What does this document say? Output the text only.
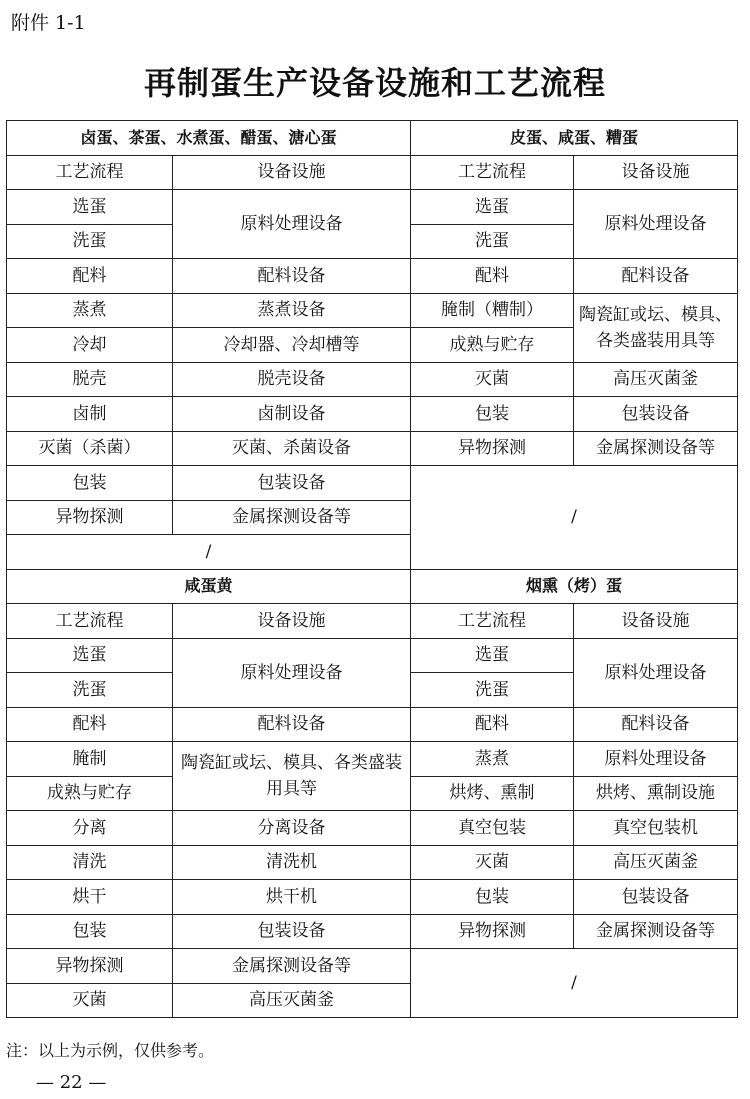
附件 1-1
再制蛋生产设备设施和工艺流程
卤蛋、茶蛋、水煮蛋、醋蛋、溏心蛋		皮蛋、咸蛋、糟蛋	
工艺流程	设备设施	工艺流程	设备设施
选蛋	原料处理设备	选蛋	原料处理设备
洗蛋		洗蛋	
配料	配料设备	配料	配料设备
蒸煮	蒸煮设备	腌制（糟制）	陶瓷缸或坛、模具、各类盛装用具等
冷却	冷却器、冷却槽等	成熟与贮存	
脱壳	脱壳设备	灭菌	高压灭菌釜
卤制	卤制设备	包装	包装设备
灭菌（杀菌）	灭菌、杀菌设备	异物探测	金属探测设备等
包装	包装设备	/	
异物探测	金属探测设备等		
/			
咸蛋黄		烟熏（烤）蛋	
工艺流程	设备设施	工艺流程	设备设施
选蛋	原料处理设备	选蛋	原料处理设备
洗蛋		洗蛋	
配料	配料设备	配料	配料设备
腌制	陶瓷缸或坛、模具、各类盛装用具等	蒸煮	原料处理设备
成熟与贮存		烘烤、熏制	烘烤、熏制设施
分离	分离设备	真空包装	真空包装机
清洗	清洗机	灭菌	高压灭菌釜
烘干	烘干机	包装	包装设备
包装	包装设备	异物探测	金属探测设备等
异物探测	金属探测设备等	/	
灭菌	高压灭菌釜		
注：以上为示例，仅供参考。
— 22 —
